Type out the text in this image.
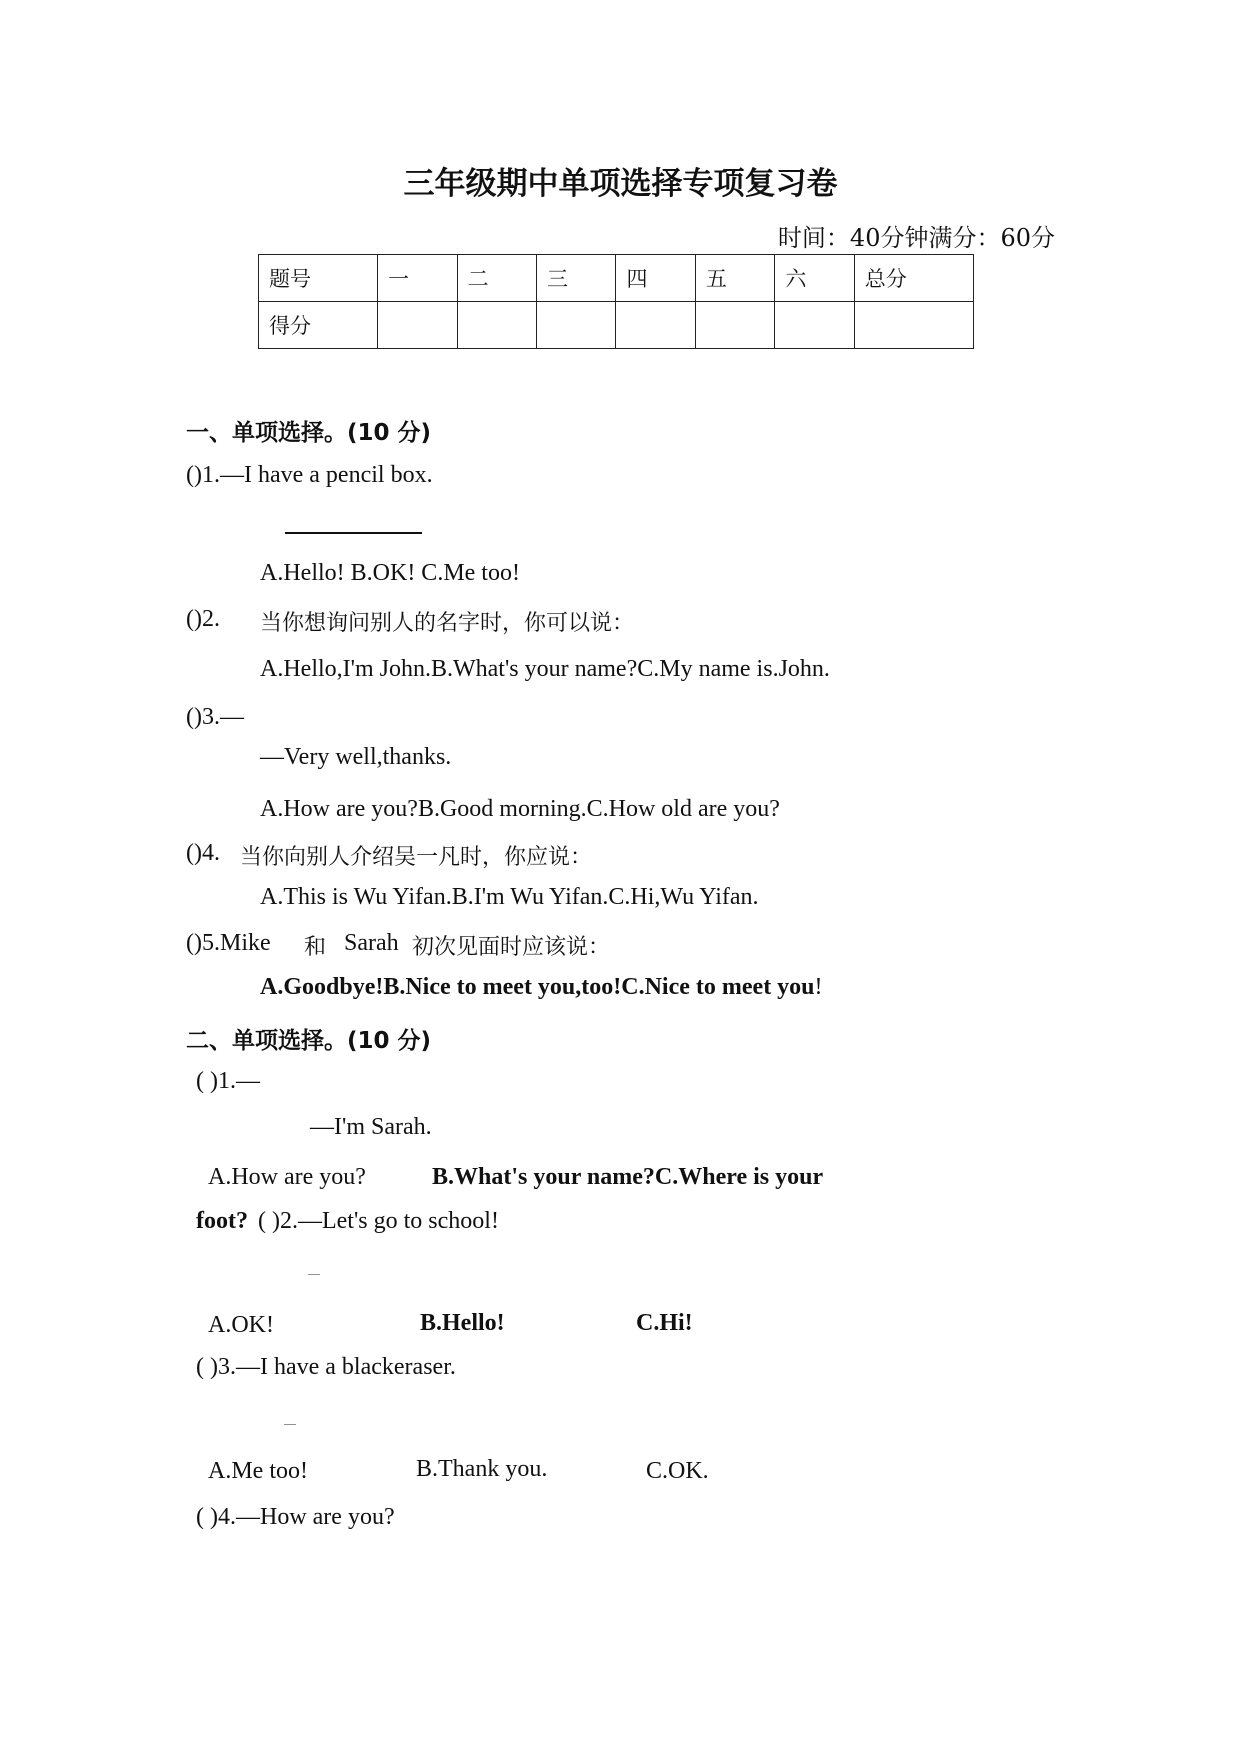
三年级期中单项选择专项复习卷
时间：40分钟满分：60分
题号	一	二	三	四	五	六	总分
得分							
一、单项选择。(10 分)
()1.—I have a pencil box.
A.Hello! B.OK! C.Me too!
()2. 当你想询问别人的名字时，你可以说：
A.Hello,I'm John.B.What's your name?C.My name is.John.
()3.—
—Very well,thanks.
A.How are you?B.Good morning.C.How old are you?
()4. 当你向别人介绍吴一凡时，你应说：
A.This is Wu Yifan.B.I'm Wu Yifan.C.Hi,Wu Yifan.
()5.Mike 和 Sarah 初次见面时应该说：
A.Goodbye!B.Nice to meet you,too!C.Nice to meet you!
二、单项选择。(10 分)
( )1.—
—I'm Sarah.
A.How are you?	B.What's your name?C.Where is your
foot? ( )2.—Let's go to school!
—
A.OK!	B.Hello!	C.Hi!
( )3.—I have a blackeraser.
—
A.Me too!	B.Thank you.	C.OK.
( )4.—How are you?
